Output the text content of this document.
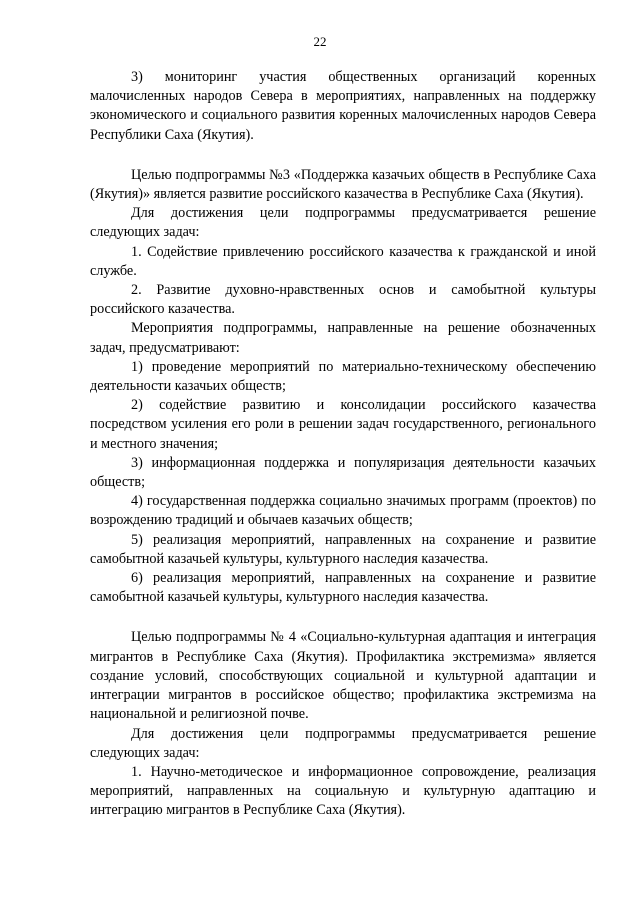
22

3) мониторинг участия общественных организаций коренных малочисленных народов Севера в мероприятиях, направленных на поддержку экономического и социального развития коренных малочисленных народов Севера Республики Саха (Якутия).

Целью подпрограммы №3 «Поддержка казачьих обществ в Республике Саха (Якутия)» является развитие российского казачества в Республике Саха (Якутия).

Для достижения цели подпрограммы предусматривается решение следующих задач:

1. Содействие привлечению российского казачества к гражданской и иной службе.

2. Развитие духовно-нравственных основ и самобытной культуры российского казачества.

Мероприятия подпрограммы, направленные на решение обозначенных задач, предусматривают:

1) проведение мероприятий по материально-техническому обеспечению деятельности казачьих обществ;

2) содействие развитию и консолидации российского казачества посредством усиления его роли в решении задач государственного, регионального и местного значения;

3) информационная поддержка и популяризация деятельности казачьих обществ;

4) государственная поддержка социально значимых программ (проектов) по возрождению традиций и обычаев казачьих обществ;

5) реализация мероприятий, направленных на сохранение и развитие самобытной казачьей культуры, культурного наследия казачества.

6) реализация мероприятий, направленных на сохранение и развитие самобытной казачьей культуры, культурного наследия казачества.

Целью подпрограммы № 4 «Социально-культурная адаптация и интеграция мигрантов в Республике Саха (Якутия). Профилактика экстремизма» является создание условий, способствующих социальной и культурной адаптации и интеграции мигрантов в российское общество; профилактика экстремизма на национальной и религиозной почве.

Для достижения цели подпрограммы предусматривается решение следующих задач:

1. Научно-методическое и информационное сопровождение, реализация мероприятий, направленных на социальную и культурную адаптацию и интеграцию мигрантов в Республике Саха (Якутия).
